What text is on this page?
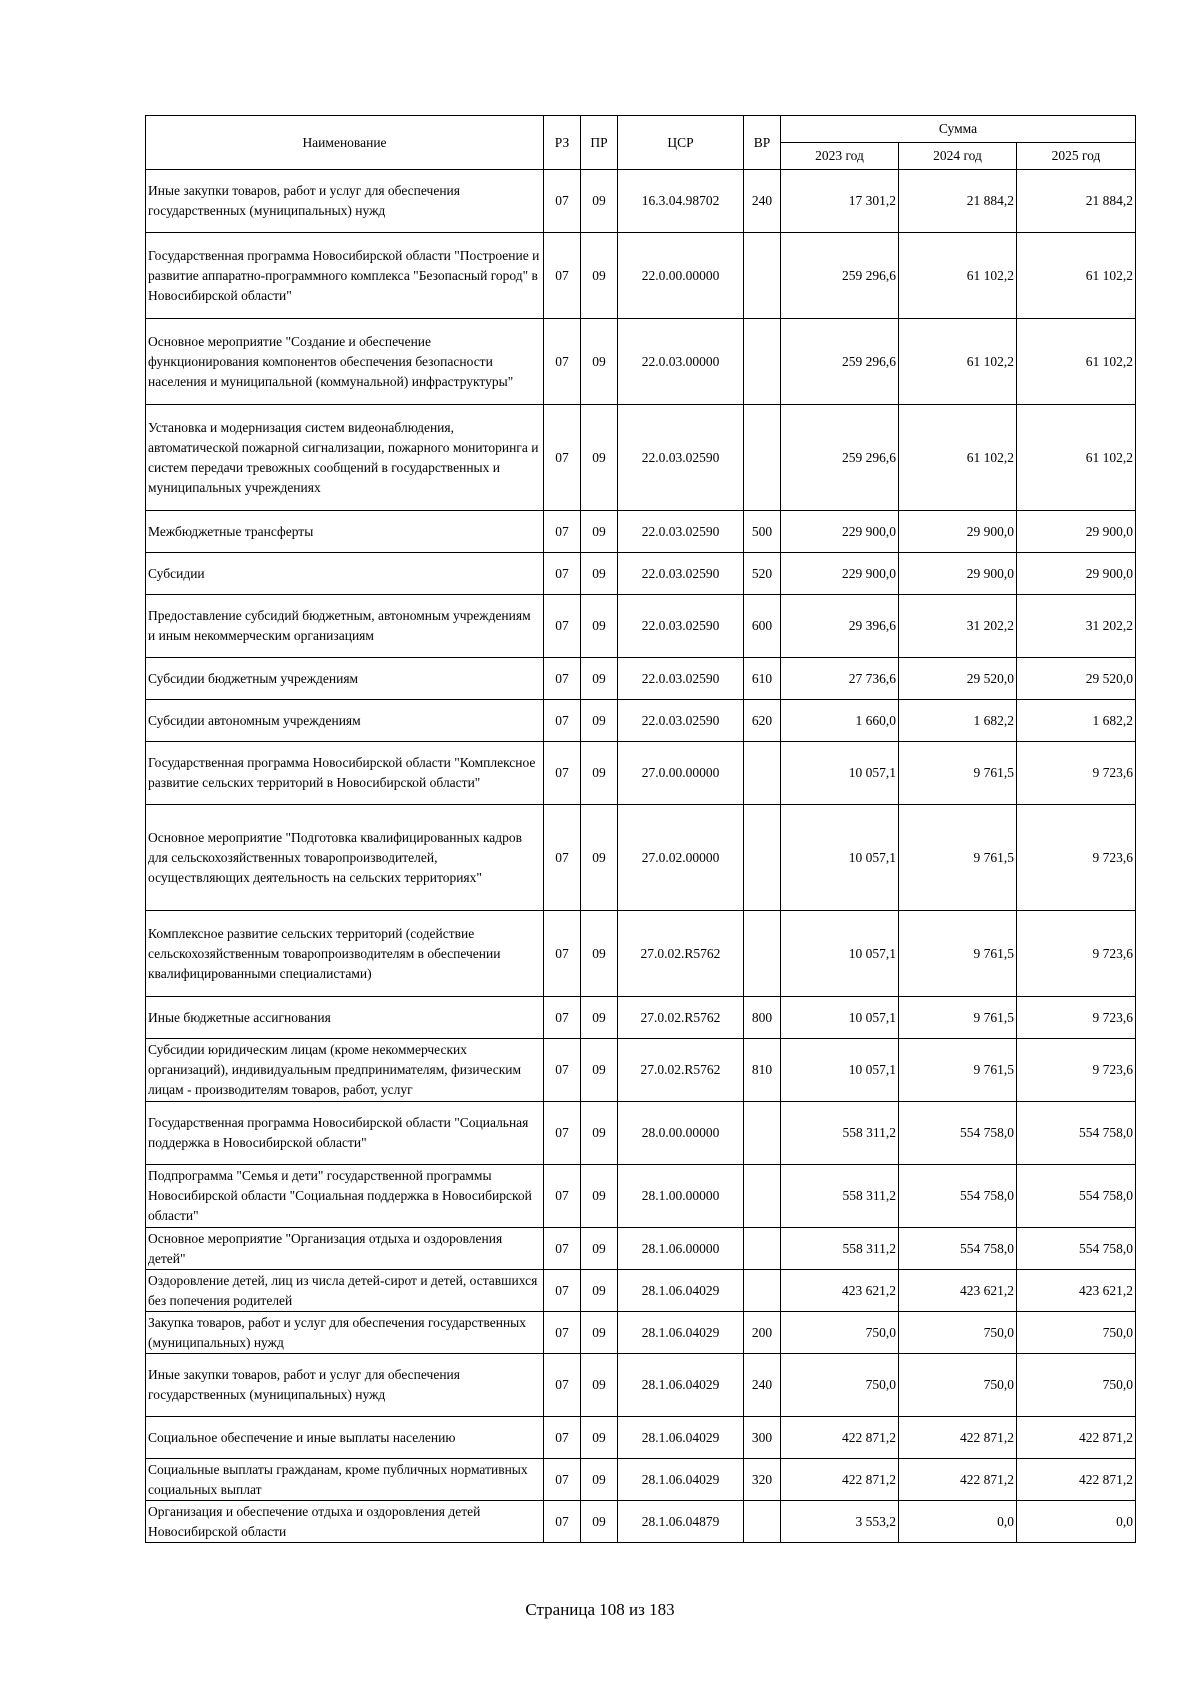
Наименование	РЗ	ПР	ЦСР	ВР	Сумма		
					2023 год	2024 год	2025 год
Иные закупки товаров, работ и услуг для обеспечения государственных (муниципальных) нужд	07	09	16.3.04.98702	240	17 301,2	21 884,2	21 884,2
Государственная программа Новосибирской области "Построение и развитие аппаратно-программного комплекса "Безопасный город" в Новосибирской области"	07	09	22.0.00.00000		259 296,6	61 102,2	61 102,2
Основное мероприятие "Создание и обеспечение функционирования компонентов обеспечения безопасности населения и муниципальной (коммунальной) инфраструктуры"	07	09	22.0.03.00000		259 296,6	61 102,2	61 102,2
Установка и модернизация систем видеонаблюдения, автоматической пожарной сигнализации, пожарного мониторинга и систем передачи тревожных сообщений в государственных и муниципальных учреждениях	07	09	22.0.03.02590		259 296,6	61 102,2	61 102,2
Межбюджетные трансферты	07	09	22.0.03.02590	500	229 900,0	29 900,0	29 900,0
Субсидии	07	09	22.0.03.02590	520	229 900,0	29 900,0	29 900,0
Предоставление субсидий бюджетным, автономным учреждениям и иным некоммерческим организациям	07	09	22.0.03.02590	600	29 396,6	31 202,2	31 202,2
Субсидии бюджетным учреждениям	07	09	22.0.03.02590	610	27 736,6	29 520,0	29 520,0
Субсидии автономным учреждениям	07	09	22.0.03.02590	620	1 660,0	1 682,2	1 682,2
Государственная программа Новосибирской области "Комплексное развитие сельских территорий в Новосибирской области"	07	09	27.0.00.00000		10 057,1	9 761,5	9 723,6
Основное мероприятие "Подготовка квалифицированных кадров для сельскохозяйственных товаропроизводителей, осуществляющих деятельность на сельских территориях"	07	09	27.0.02.00000		10 057,1	9 761,5	9 723,6
Комплексное развитие сельских территорий (содействие сельскохозяйственным товаропроизводителям в обеспечении квалифицированными специалистами)	07	09	27.0.02.R5762		10 057,1	9 761,5	9 723,6
Иные бюджетные ассигнования	07	09	27.0.02.R5762	800	10 057,1	9 761,5	9 723,6
Субсидии юридическим лицам (кроме некоммерческих организаций), индивидуальным предпринимателям, физическим лицам - производителям товаров, работ, услуг	07	09	27.0.02.R5762	810	10 057,1	9 761,5	9 723,6
Государственная программа Новосибирской области "Социальная поддержка в Новосибирской области"	07	09	28.0.00.00000		558 311,2	554 758,0	554 758,0
Подпрограмма "Семья и дети" государственной программы Новосибирской области "Социальная поддержка в Новосибирской области"	07	09	28.1.00.00000		558 311,2	554 758,0	554 758,0
Основное мероприятие "Организация отдыха и оздоровления детей"	07	09	28.1.06.00000		558 311,2	554 758,0	554 758,0
Оздоровление детей, лиц из числа детей-сирот и детей, оставшихся без попечения родителей	07	09	28.1.06.04029		423 621,2	423 621,2	423 621,2
Закупка товаров, работ и услуг для обеспечения государственных (муниципальных) нужд	07	09	28.1.06.04029	200	750,0	750,0	750,0
Иные закупки товаров, работ и услуг для обеспечения государственных (муниципальных) нужд	07	09	28.1.06.04029	240	750,0	750,0	750,0
Социальное обеспечение и иные выплаты населению	07	09	28.1.06.04029	300	422 871,2	422 871,2	422 871,2
Социальные выплаты гражданам, кроме публичных нормативных социальных выплат	07	09	28.1.06.04029	320	422 871,2	422 871,2	422 871,2
Организация и обеспечение отдыха и оздоровления детей Новосибирской области	07	09	28.1.06.04879		3 553,2	0,0	0,0
Страница 108 из 183
